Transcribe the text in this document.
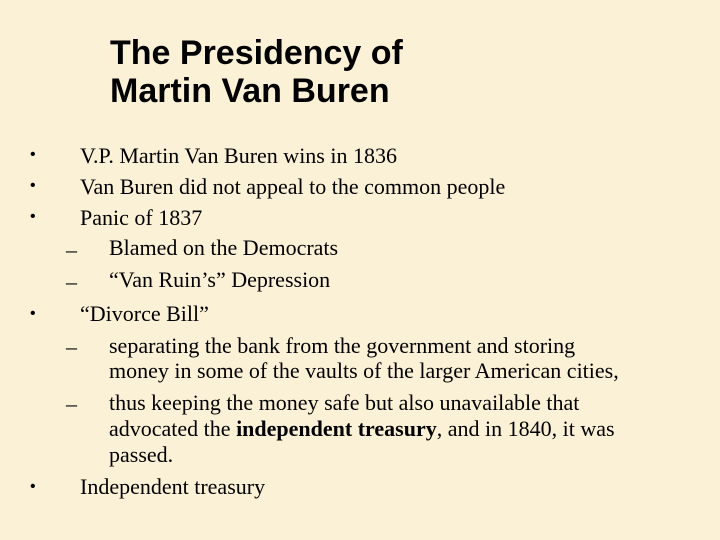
The Presidency of
Martin Van Buren
• V.P. Martin Van Buren wins in 1836
• Van Buren did not appeal to the common people
• Panic of 1837
– Blamed on the Democrats
– “Van Ruin’s” Depression
• “Divorce Bill”
– separating the bank from the government and storing
money in some of the vaults of the larger American cities,
– thus keeping the money safe but also unavailable that
advocated the independent treasury, and in 1840, it was
passed.
• Independent treasury
